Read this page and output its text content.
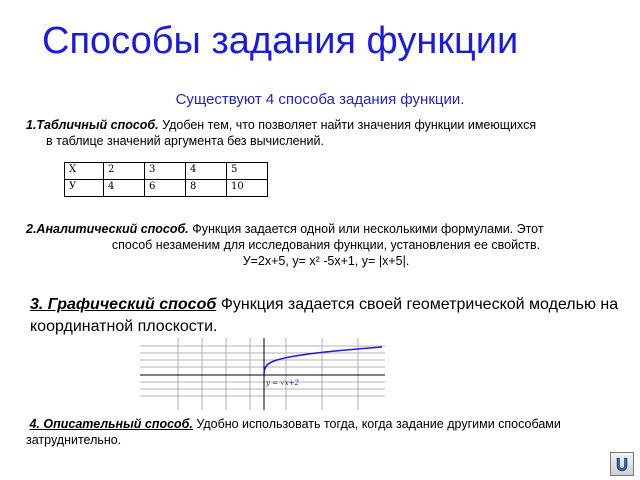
Способы задания функции
Существуют 4 способа задания функции.
1.Табличный способ. Удобен тем, что позволяет найти значения функции имеющихся
в таблице значений аргумента без вычислений.
Х	2	3	4	5
У	4	6	8	10
2.Аналитический способ. Функция задается одной или несколькими формулами. Этот
способ незаменим для исследования функции, установления ее свойств.
У=2х+5, у= х² -5х+1, у= |х+5|.
3. Графический способ Функция задается своей геометрической моделью на координатной плоскости.
y = √x+2
4. Описательный способ. Удобно использовать тогда, когда задание другими способами затруднительно.
